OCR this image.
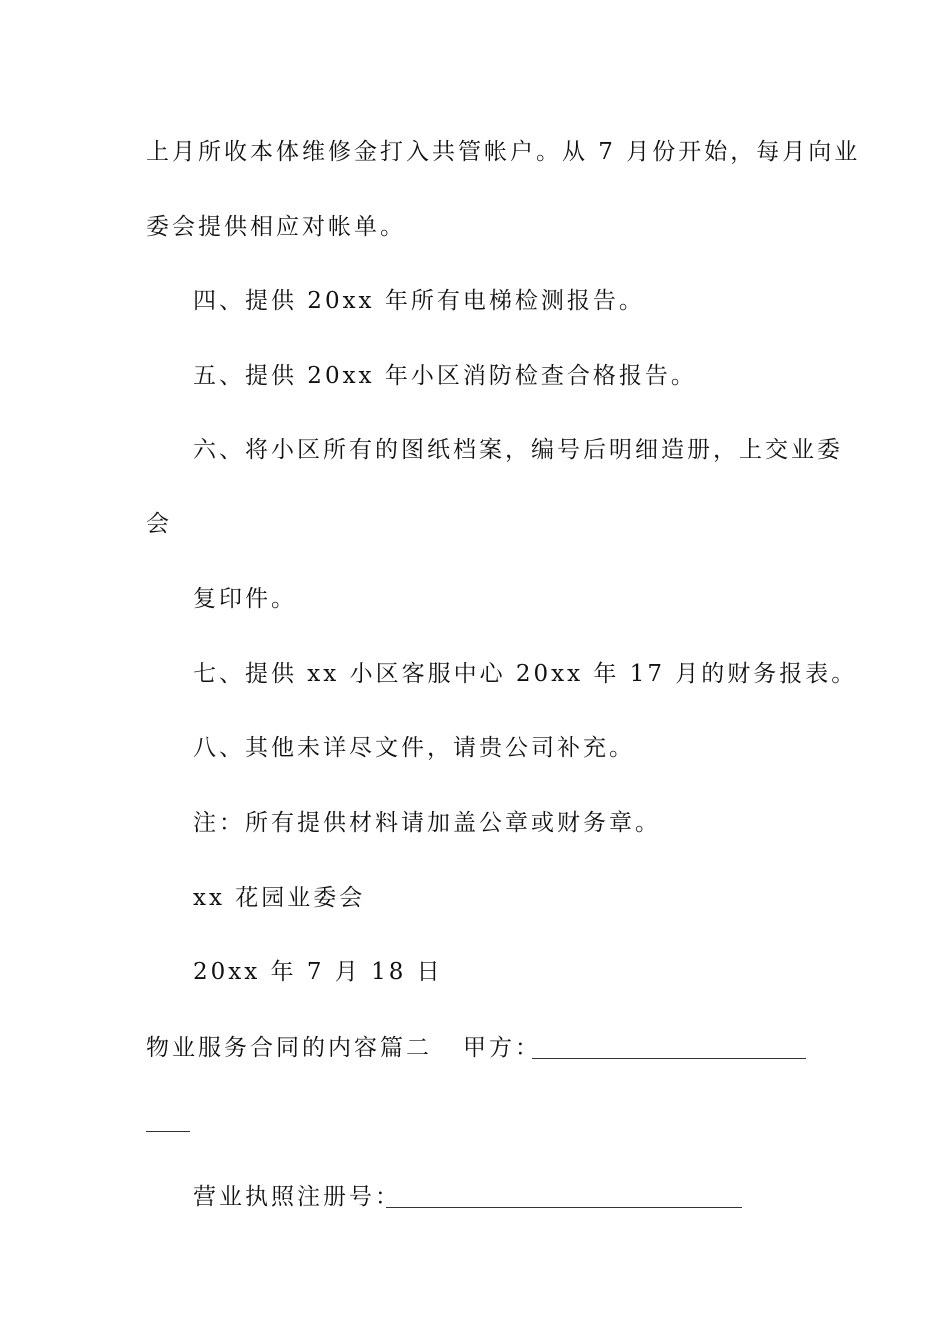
上月所收本体维修金打入共管帐户。从 7 月份开始，每月向业
委会提供相应对帐单。
四、提供 20xx 年所有电梯检测报告。
五、提供 20xx 年小区消防检查合格报告。
六、将小区所有的图纸档案，编号后明细造册，上交业委
会
复印件。
七、提供 xx 小区客服中心 20xx 年 17 月的财务报表。
八、其他未详尽文件，请贵公司补充。
注：所有提供材料请加盖公章或财务章。
xx 花园业委会
20xx 年 7 月 18 日
物业服务合同的内容篇二 甲方：
营业执照注册号：
